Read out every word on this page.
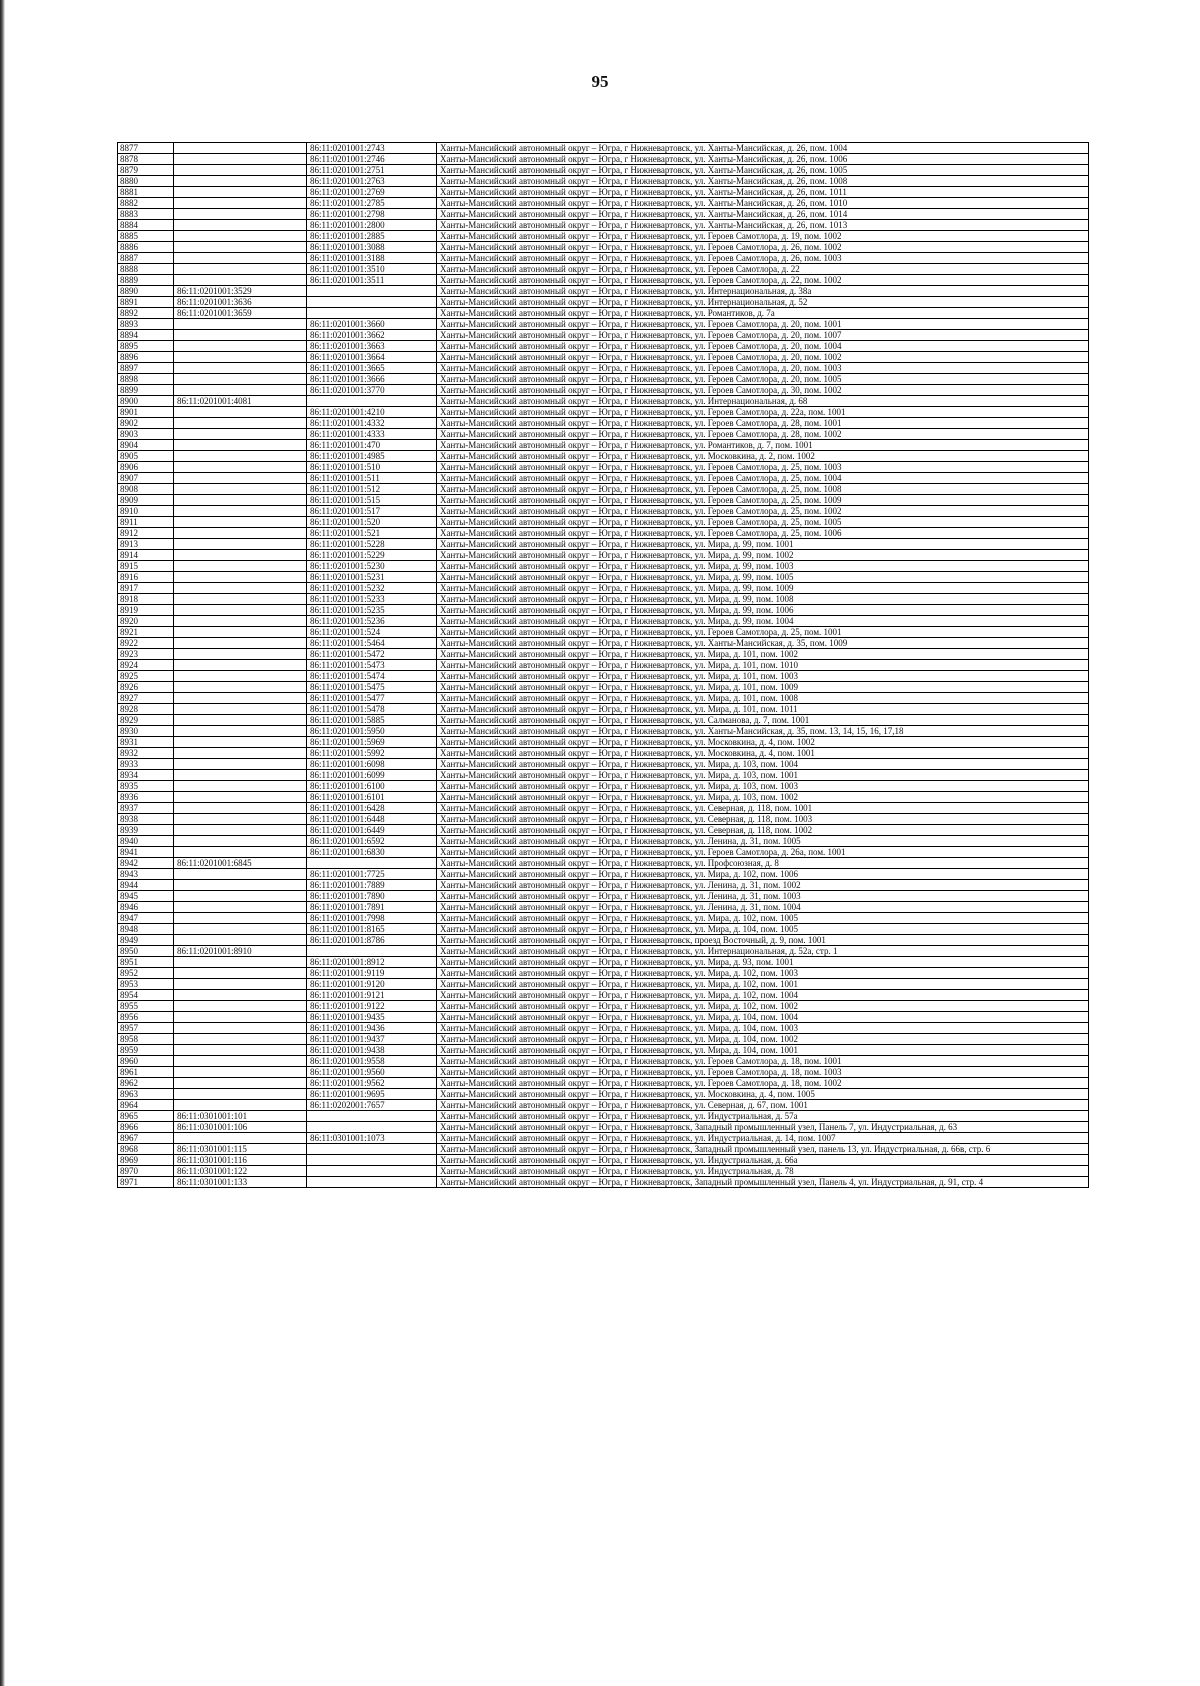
95
8877		86:11:0201001:2743	Ханты-Мансийский автономный округ – Югра, г Нижневартовск, ул. Ханты-Мансийская, д. 26, пом. 1004
8878		86:11:0201001:2746	Ханты-Мансийский автономный округ – Югра, г Нижневартовск, ул. Ханты-Мансийская, д. 26, пом. 1006
8879		86:11:0201001:2751	Ханты-Мансийский автономный округ – Югра, г Нижневартовск, ул. Ханты-Мансийская, д. 26, пом. 1005
8880		86:11:0201001:2763	Ханты-Мансийский автономный округ – Югра, г Нижневартовск, ул. Ханты-Мансийская, д. 26, пом. 1008
8881		86:11:0201001:2769	Ханты-Мансийский автономный округ – Югра, г Нижневартовск, ул. Ханты-Мансийская, д. 26, пом. 1011
8882		86:11:0201001:2785	Ханты-Мансийский автономный округ – Югра, г Нижневартовск, ул. Ханты-Мансийская, д. 26, пом. 1010
8883		86:11:0201001:2798	Ханты-Мансийский автономный округ – Югра, г Нижневартовск, ул. Ханты-Мансийская, д. 26, пом. 1014
8884		86:11:0201001:2800	Ханты-Мансийский автономный округ – Югра, г Нижневартовск, ул. Ханты-Мансийская, д. 26, пом. 1013
8885		86:11:0201001:2885	Ханты-Мансийский автономный округ – Югра, г Нижневартовск, ул. Героев Самотлора, д. 19, пом. 1002
8886		86:11:0201001:3088	Ханты-Мансийский автономный округ – Югра, г Нижневартовск, ул. Героев Самотлора, д. 26, пом. 1002
8887		86:11:0201001:3188	Ханты-Мансийский автономный округ – Югра, г Нижневартовск, ул. Героев Самотлора, д. 26, пом. 1003
8888		86:11:0201001:3510	Ханты-Мансийский автономный округ – Югра, г Нижневартовск, ул. Героев Самотлора, д. 22
8889		86:11:0201001:3511	Ханты-Мансийский автономный округ – Югра, г Нижневартовск, ул. Героев Самотлора, д. 22, пом. 1002
8890	86:11:0201001:3529		Ханты-Мансийский автономный округ – Югра, г Нижневартовск, ул. Интернациональная, д. 38а
8891	86:11:0201001:3636		Ханты-Мансийский автономный округ – Югра, г Нижневартовск, ул. Интернациональная, д. 52
8892	86:11:0201001:3659		Ханты-Мансийский автономный округ – Югра, г Нижневартовск, ул. Романтиков, д. 7а
8893		86:11:0201001:3660	Ханты-Мансийский автономный округ – Югра, г Нижневартовск, ул. Героев Самотлора, д. 20, пом. 1001
8894		86:11:0201001:3662	Ханты-Мансийский автономный округ – Югра, г Нижневартовск, ул. Героев Самотлора, д. 20, пом. 1007
8895		86:11:0201001:3663	Ханты-Мансийский автономный округ – Югра, г Нижневартовск, ул. Героев Самотлора, д. 20, пом. 1004
8896		86:11:0201001:3664	Ханты-Мансийский автономный округ – Югра, г Нижневартовск, ул. Героев Самотлора, д. 20, пом. 1002
8897		86:11:0201001:3665	Ханты-Мансийский автономный округ – Югра, г Нижневартовск, ул. Героев Самотлора, д. 20, пом. 1003
8898		86:11:0201001:3666	Ханты-Мансийский автономный округ – Югра, г Нижневартовск, ул. Героев Самотлора, д. 20, пом. 1005
8899		86:11:0201001:3770	Ханты-Мансийский автономный округ – Югра, г Нижневартовск, ул. Героев Самотлора, д. 30, пом. 1002
8900	86:11:0201001:4081		Ханты-Мансийский автономный округ – Югра, г Нижневартовск, ул. Интернациональная, д. 68
8901		86:11:0201001:4210	Ханты-Мансийский автономный округ – Югра, г Нижневартовск, ул. Героев Самотлора, д. 22а, пом. 1001
8902		86:11:0201001:4332	Ханты-Мансийский автономный округ – Югра, г Нижневартовск, ул. Героев Самотлора, д. 28, пом. 1001
8903		86:11:0201001:4333	Ханты-Мансийский автономный округ – Югра, г Нижневартовск, ул. Героев Самотлора, д. 28, пом. 1002
8904		86:11:0201001:470	Ханты-Мансийский автономный округ – Югра, г Нижневартовск, ул. Романтиков, д. 7, пом. 1001
8905		86:11:0201001:4985	Ханты-Мансийский автономный округ – Югра, г Нижневартовск, ул. Московкина, д. 2, пом. 1002
8906		86:11:0201001:510	Ханты-Мансийский автономный округ – Югра, г Нижневартовск, ул. Героев Самотлора, д. 25, пом. 1003
8907		86:11:0201001:511	Ханты-Мансийский автономный округ – Югра, г Нижневартовск, ул. Героев Самотлора, д. 25, пом. 1004
8908		86:11:0201001:512	Ханты-Мансийский автономный округ – Югра, г Нижневартовск, ул. Героев Самотлора, д. 25, пом. 1008
8909		86:11:0201001:515	Ханты-Мансийский автономный округ – Югра, г Нижневартовск, ул. Героев Самотлора, д. 25, пом. 1009
8910		86:11:0201001:517	Ханты-Мансийский автономный округ – Югра, г Нижневартовск, ул. Героев Самотлора, д. 25, пом. 1002
8911		86:11:0201001:520	Ханты-Мансийский автономный округ – Югра, г Нижневартовск, ул. Героев Самотлора, д. 25, пом. 1005
8912		86:11:0201001:521	Ханты-Мансийский автономный округ – Югра, г Нижневартовск, ул. Героев Самотлора, д. 25, пом. 1006
8913		86:11:0201001:5228	Ханты-Мансийский автономный округ – Югра, г Нижневартовск, ул. Мира, д. 99, пом. 1001
8914		86:11:0201001:5229	Ханты-Мансийский автономный округ – Югра, г Нижневартовск, ул. Мира, д. 99, пом. 1002
8915		86:11:0201001:5230	Ханты-Мансийский автономный округ – Югра, г Нижневартовск, ул. Мира, д. 99, пом. 1003
8916		86:11:0201001:5231	Ханты-Мансийский автономный округ – Югра, г Нижневартовск, ул. Мира, д. 99, пом. 1005
8917		86:11:0201001:5232	Ханты-Мансийский автономный округ – Югра, г Нижневартовск, ул. Мира, д. 99, пом. 1009
8918		86:11:0201001:5233	Ханты-Мансийский автономный округ – Югра, г Нижневартовск, ул. Мира, д. 99, пом. 1008
8919		86:11:0201001:5235	Ханты-Мансийский автономный округ – Югра, г Нижневартовск, ул. Мира, д. 99, пом. 1006
8920		86:11:0201001:5236	Ханты-Мансийский автономный округ – Югра, г Нижневартовск, ул. Мира, д. 99, пом. 1004
8921		86:11:0201001:524	Ханты-Мансийский автономный округ – Югра, г Нижневартовск, ул. Героев Самотлора, д. 25, пом. 1001
8922		86:11:0201001:5464	Ханты-Мансийский автономный округ – Югра, г Нижневартовск, ул. Ханты-Мансийская, д. 35, пом. 1009
8923		86:11:0201001:5472	Ханты-Мансийский автономный округ – Югра, г Нижневартовск, ул. Мира, д. 101, пом. 1002
8924		86:11:0201001:5473	Ханты-Мансийский автономный округ – Югра, г Нижневартовск, ул. Мира, д. 101, пом. 1010
8925		86:11:0201001:5474	Ханты-Мансийский автономный округ – Югра, г Нижневартовск, ул. Мира, д. 101, пом. 1003
8926		86:11:0201001:5475	Ханты-Мансийский автономный округ – Югра, г Нижневартовск, ул. Мира, д. 101, пом. 1009
8927		86:11:0201001:5477	Ханты-Мансийский автономный округ – Югра, г Нижневартовск, ул. Мира, д. 101, пом. 1008
8928		86:11:0201001:5478	Ханты-Мансийский автономный округ – Югра, г Нижневартовск, ул. Мира, д. 101, пом. 1011
8929		86:11:0201001:5885	Ханты-Мансийский автономный округ – Югра, г Нижневартовск, ул. Салманова, д. 7, пом. 1001
8930		86:11:0201001:5950	Ханты-Мансийский автономный округ – Югра, г Нижневартовск, ул. Ханты-Мансийская, д. 35, пом. 13, 14, 15, 16, 17,18
8931		86:11:0201001:5969	Ханты-Мансийский автономный округ – Югра, г Нижневартовск, ул. Московкина, д. 4, пом. 1002
8932		86:11:0201001:5992	Ханты-Мансийский автономный округ – Югра, г Нижневартовск, ул. Московкина, д. 4, пом. 1001
8933		86:11:0201001:6098	Ханты-Мансийский автономный округ – Югра, г Нижневартовск, ул. Мира, д. 103, пом. 1004
8934		86:11:0201001:6099	Ханты-Мансийский автономный округ – Югра, г Нижневартовск, ул. Мира, д. 103, пом. 1001
8935		86:11:0201001:6100	Ханты-Мансийский автономный округ – Югра, г Нижневартовск, ул. Мира, д. 103, пом. 1003
8936		86:11:0201001:6101	Ханты-Мансийский автономный округ – Югра, г Нижневартовск, ул. Мира, д. 103, пом. 1002
8937		86:11:0201001:6428	Ханты-Мансийский автономный округ – Югра, г Нижневартовск, ул. Северная, д. 118, пом. 1001
8938		86:11:0201001:6448	Ханты-Мансийский автономный округ – Югра, г Нижневартовск, ул. Северная, д. 118, пом. 1003
8939		86:11:0201001:6449	Ханты-Мансийский автономный округ – Югра, г Нижневартовск, ул. Северная, д. 118, пом. 1002
8940		86:11:0201001:6592	Ханты-Мансийский автономный округ – Югра, г Нижневартовск, ул. Ленина, д. 31, пом. 1005
8941		86:11:0201001:6830	Ханты-Мансийский автономный округ – Югра, г Нижневартовск, ул. Героев Самотлора, д. 26а, пом. 1001
8942	86:11:0201001:6845		Ханты-Мансийский автономный округ – Югра, г Нижневартовск, ул. Профсоюзная, д. 8
8943		86:11:0201001:7725	Ханты-Мансийский автономный округ – Югра, г Нижневартовск, ул. Мира, д. 102, пом. 1006
8944		86:11:0201001:7889	Ханты-Мансийский автономный округ – Югра, г Нижневартовск, ул. Ленина, д. 31, пом. 1002
8945		86:11:0201001:7890	Ханты-Мансийский автономный округ – Югра, г Нижневартовск, ул. Ленина, д. 31, пом. 1003
8946		86:11:0201001:7891	Ханты-Мансийский автономный округ – Югра, г Нижневартовск, ул. Ленина, д. 31, пом. 1004
8947		86:11:0201001:7998	Ханты-Мансийский автономный округ – Югра, г Нижневартовск, ул. Мира, д. 102, пом. 1005
8948		86:11:0201001:8165	Ханты-Мансийский автономный округ – Югра, г Нижневартовск, ул. Мира, д. 104, пом. 1005
8949		86:11:0201001:8786	Ханты-Мансийский автономный округ – Югра, г Нижневартовск, проезд Восточный, д. 9, пом. 1001
8950	86:11:0201001:8910		Ханты-Мансийский автономный округ – Югра, г Нижневартовск, ул. Интернациональная, д. 52а, стр. 1
8951		86:11:0201001:8912	Ханты-Мансийский автономный округ – Югра, г Нижневартовск, ул. Мира, д. 93, пом. 1001
8952		86:11:0201001:9119	Ханты-Мансийский автономный округ – Югра, г Нижневартовск, ул. Мира, д. 102, пом. 1003
8953		86:11:0201001:9120	Ханты-Мансийский автономный округ – Югра, г Нижневартовск, ул. Мира, д. 102, пом. 1001
8954		86:11:0201001:9121	Ханты-Мансийский автономный округ – Югра, г Нижневартовск, ул. Мира, д. 102, пом. 1004
8955		86:11:0201001:9122	Ханты-Мансийский автономный округ – Югра, г Нижневартовск, ул. Мира, д. 102, пом. 1002
8956		86:11:0201001:9435	Ханты-Мансийский автономный округ – Югра, г Нижневартовск, ул. Мира, д. 104, пом. 1004
8957		86:11:0201001:9436	Ханты-Мансийский автономный округ – Югра, г Нижневартовск, ул. Мира, д. 104, пом. 1003
8958		86:11:0201001:9437	Ханты-Мансийский автономный округ – Югра, г Нижневартовск, ул. Мира, д. 104, пом. 1002
8959		86:11:0201001:9438	Ханты-Мансийский автономный округ – Югра, г Нижневартовск, ул. Мира, д. 104, пом. 1001
8960		86:11:0201001:9558	Ханты-Мансийский автономный округ – Югра, г Нижневартовск, ул. Героев Самотлора, д. 18, пом. 1001
8961		86:11:0201001:9560	Ханты-Мансийский автономный округ – Югра, г Нижневартовск, ул. Героев Самотлора, д. 18, пом. 1003
8962		86:11:0201001:9562	Ханты-Мансийский автономный округ – Югра, г Нижневартовск, ул. Героев Самотлора, д. 18, пом. 1002
8963		86:11:0201001:9695	Ханты-Мансийский автономный округ – Югра, г Нижневартовск, ул. Московкина, д. 4, пом. 1005
8964		86:11:0202001:7657	Ханты-Мансийский автономный округ – Югра, г Нижневартовск, ул. Северная, д. 67, пом. 1001
8965	86:11:0301001:101		Ханты-Мансийский автономный округ – Югра, г Нижневартовск, ул. Индустриальная, д. 57а
8966	86:11:0301001:106		Ханты-Мансийский автономный округ – Югра, г Нижневартовск, Западный промышленный узел, Панель 7, ул. Индустриальная, д. 63
8967		86:11:0301001:1073	Ханты-Мансийский автономный округ – Югра, г Нижневартовск, ул. Индустриальная, д. 14, пом. 1007
8968	86:11:0301001:115		Ханты-Мансийский автономный округ – Югра, г Нижневартовск, Западный промышленный узел, панель 13, ул. Индустриальная, д. 66в, стр. 6
8969	86:11:0301001:116		Ханты-Мансийский автономный округ – Югра, г Нижневартовск, ул. Индустриальная, д. 66а
8970	86:11:0301001:122		Ханты-Мансийский автономный округ – Югра, г Нижневартовск, ул. Индустриальная, д. 78
8971	86:11:0301001:133		Ханты-Мансийский автономный округ – Югра, г Нижневартовск, Западный промышленный узел, Панель 4, ул. Индустриальная, д. 91, стр. 4
